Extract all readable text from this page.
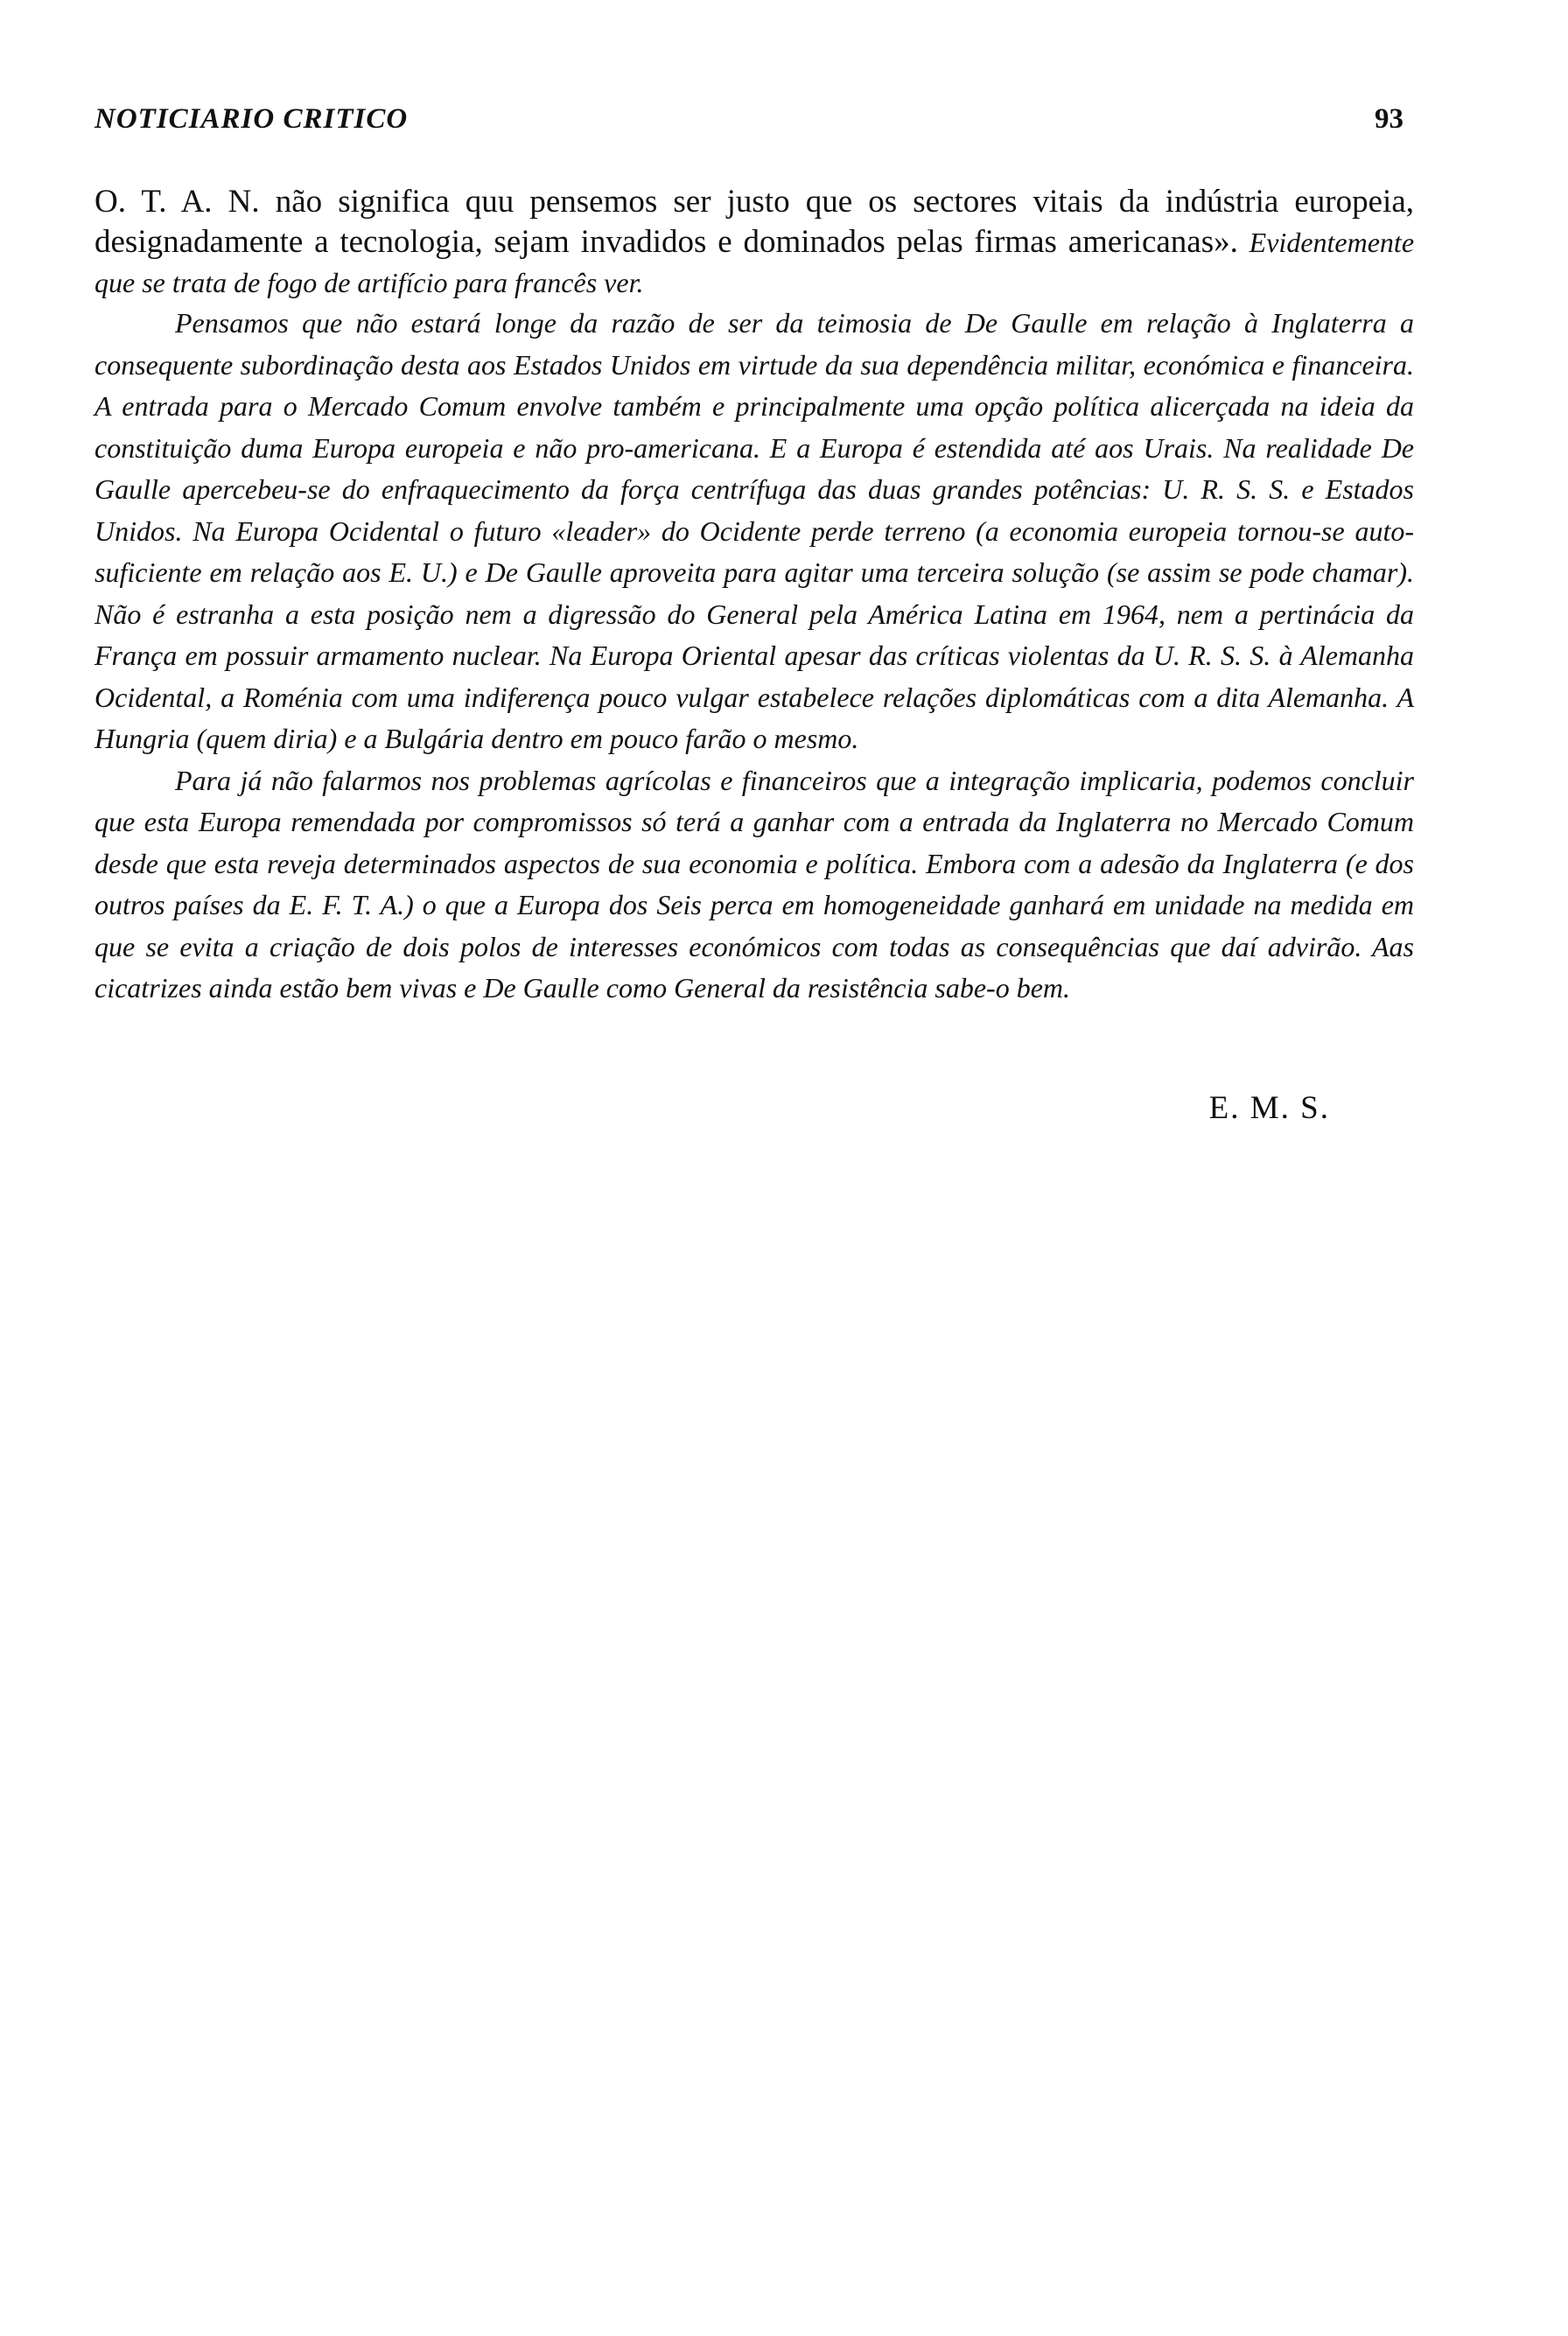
NOTICIARIO CRITICO	93

O. T. A. N. não significa quu pensemos ser justo que os sectores vitais da indústria europeia, designadamente a tecnologia, sejam invadidos e dominados pelas firmas americanas». Evidentemente que se trata de fogo de artifício para francês ver.

Pensamos que não estará longe da razão de ser da teimosia de De Gaulle em relação à Inglaterra a consequente subordinação desta aos Estados Unidos em virtude da sua dependência militar, económica e financeira. A entrada para o Mercado Comum envolve também e principalmente uma opção política alicerçada na ideia da constituição duma Europa europeia e não pro-americana. E a Europa é estendida até aos Urais. Na realidade De Gaulle apercebeu-se do enfraquecimento da força centrífuga das duas grandes potências: U. R. S. S. e Estados Unidos. Na Europa Ocidental o futuro «leader» do Ocidente perde terreno (a economia europeia tornou-se auto-suficiente em relação aos E. U.) e De Gaulle aproveita para agitar uma terceira solução (se assim se pode chamar). Não é estranha a esta posição nem a digressão do General pela América Latina em 1964, nem a pertinácia da França em possuir armamento nuclear. Na Europa Oriental apesar das críticas violentas da U. R. S. S. à Alemanha Ocidental, a Roménia com uma indiferença pouco vulgar estabelece relações diplomáticas com a dita Alemanha. A Hungria (quem diria) e a Bulgária dentro em pouco farão o mesmo.

Para já não falarmos nos problemas agrícolas e financeiros que a integração implicaria, podemos concluir que esta Europa remendada por compromissos só terá a ganhar com a entrada da Inglaterra no Mercado Comum desde que esta reveja determinados aspectos de sua economia e política. Embora com a adesão da Inglaterra (e dos outros países da E. F. T. A.) o que a Europa dos Seis perca em homogeneidade ganhará em unidade na medida em que se evita a criação de dois polos de interesses económicos com todas as consequências que daí advirão. Aas cicatrizes ainda estão bem vivas e De Gaulle como General da resistência sabe-o bem.

E. M. S.
